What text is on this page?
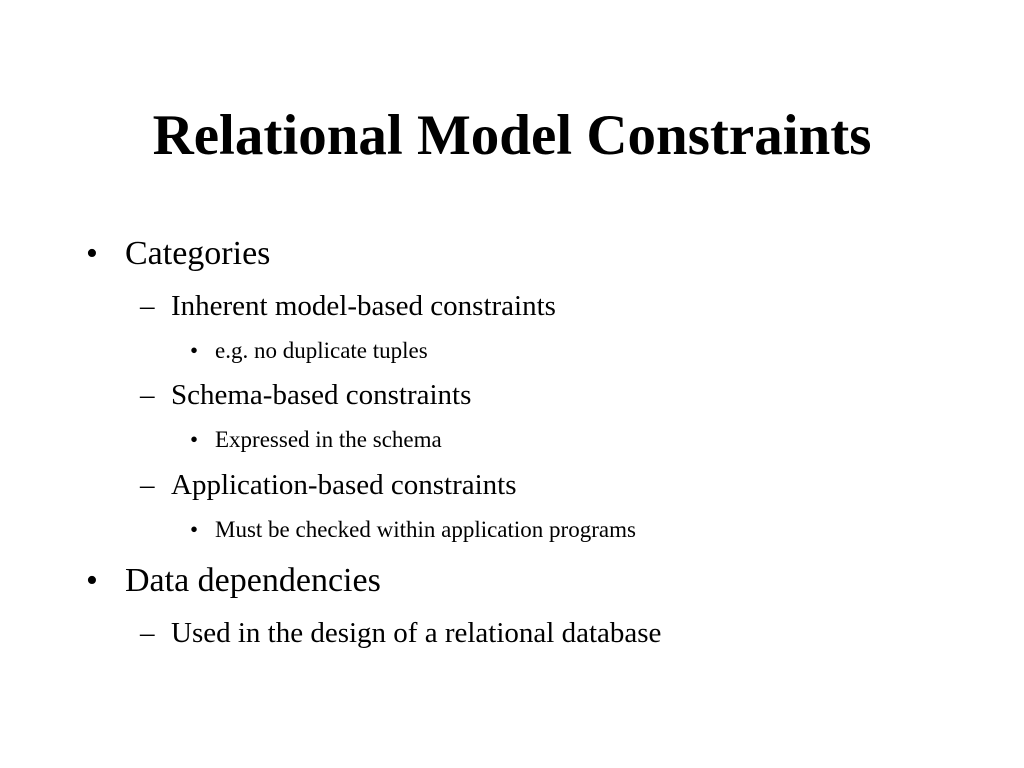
Relational Model Constraints
• Categories
– Inherent model-based constraints
• e.g. no duplicate tuples
– Schema-based constraints
• Expressed in the schema
– Application-based constraints
• Must be checked within application programs
• Data dependencies
– Used in the design of a relational database
